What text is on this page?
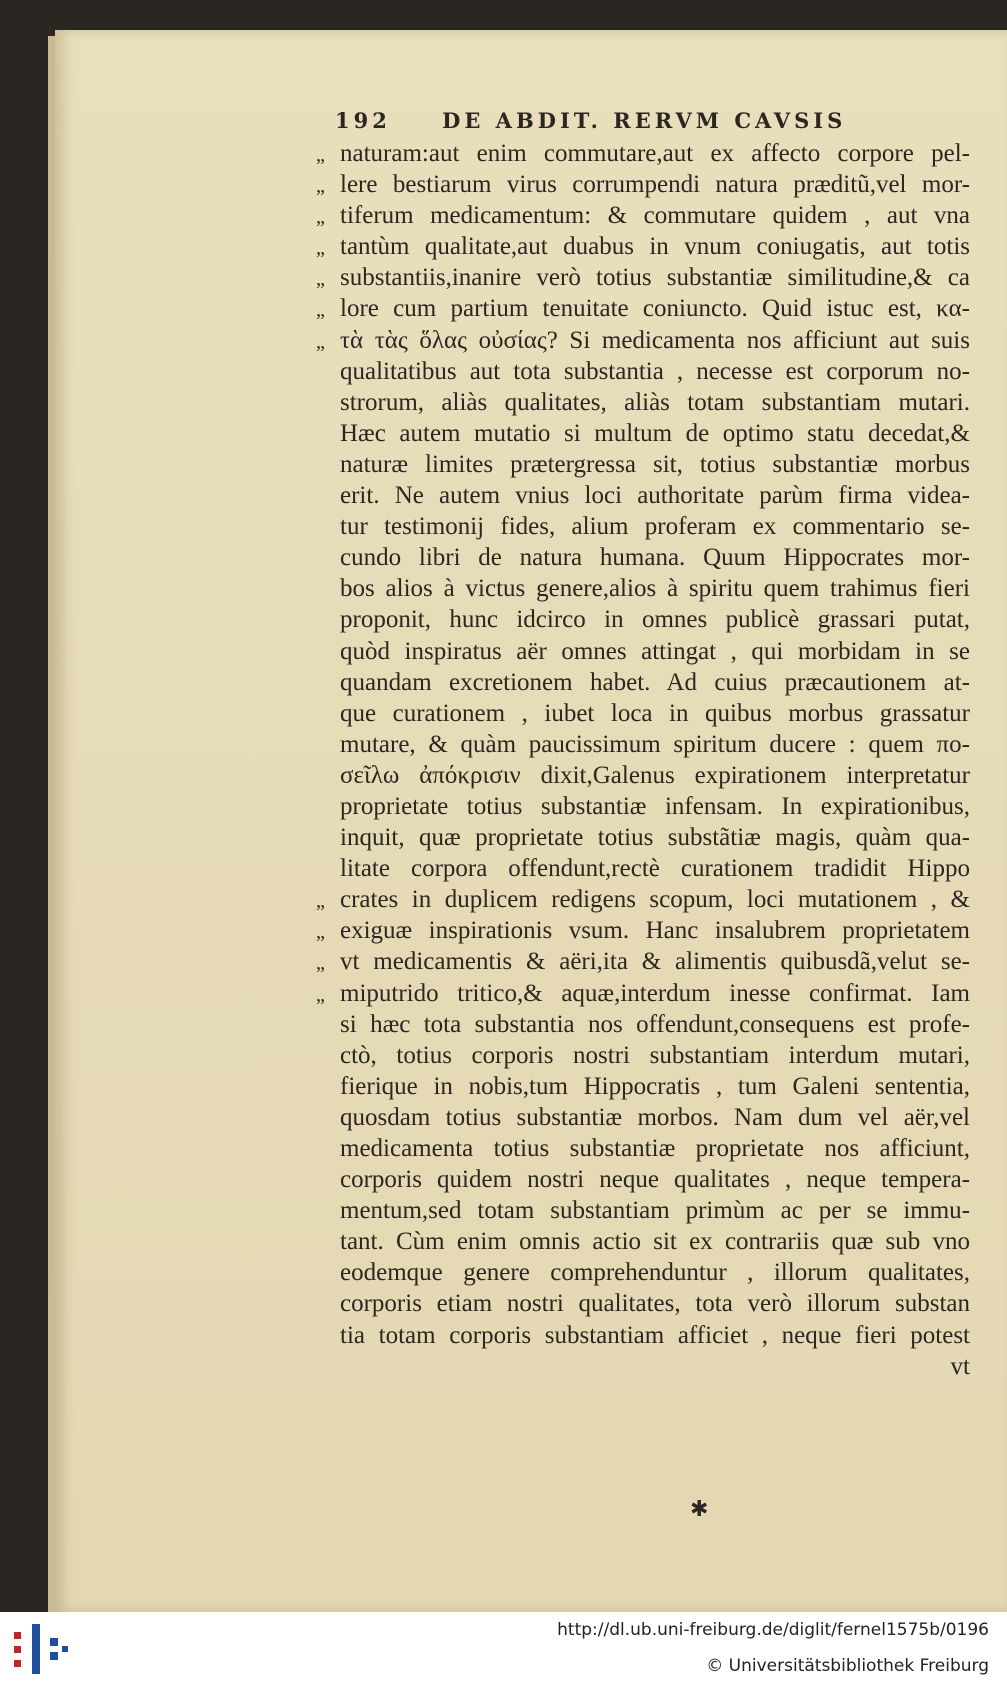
192 DE ABDIT. RERVM CAVSIS
„ naturam:aut enim commutare,aut ex affecto corpore pel-
„ lere bestiarum virus corrumpendi natura præditũ,vel mor-
„ tiferum medicamentum: & commutare quidem , aut vna
„ tantùm qualitate,aut duabus in vnum coniugatis, aut totis
„ substantiis,inanire verò totius substantiæ similitudine,& ca
„ lore cum partium tenuitate coniuncto. Quid istuc est, κα-
„ τὰ τὰς ὅλας οὐσίας? Si medicamenta nos afficiunt aut suis
qualitatibus aut tota substantia , necesse est corporum no-
strorum, aliàs qualitates, aliàs totam substantiam mutari.
Hæc autem mutatio si multum de optimo statu decedat,&
naturæ limites prætergressa sit, totius substantiæ morbus
erit. Ne autem vnius loci authoritate parùm firma videa-
tur testimonij fides, alium proferam ex commentario se-
cundo libri de natura humana. Quum Hippocrates mor-
bos alios à victus genere,alios à spiritu quem trahimus fieri
proponit, hunc idcirco in omnes publicè grassari putat,
quòd inspiratus aër omnes attingat , qui morbidam in se
quandam excretionem habet. Ad cuius præcautionem at-
que curationem , iubet loca in quibus morbus grassatur
mutare, & quàm paucissimum spiritum ducere : quem πο-
σεῖλω ἀπόκρισιν dixit,Galenus expirationem interpretatur
proprietate totius substantiæ infensam. In expirationibus,
inquit, quæ proprietate totius substãtiæ magis, quàm qua-
litate corpora offendunt,rectè curationem tradidit Hippo
„ crates in duplicem redigens scopum, loci mutationem , &
„ exiguæ inspirationis vsum. Hanc insalubrem proprietatem
„ vt medicamentis & aëri,ita & alimentis quibusdã,velut se-
„ miputrido tritico,& aquæ,interdum inesse confirmat. Iam
si hæc tota substantia nos offendunt,consequens est profe-
ctò, totius corporis nostri substantiam interdum mutari,
fierique in nobis,tum Hippocratis , tum Galeni sententia,
quosdam totius substantiæ morbos. Nam dum vel aër,vel
medicamenta totius substantiæ proprietate nos afficiunt,
corporis quidem nostri neque qualitates , neque tempera-
mentum,sed totam substantiam primùm ac per se immu-
tant. Cùm enim omnis actio sit ex contrariis quæ sub vno
eodemque genere comprehenduntur , illorum qualitates,
corporis etiam nostri qualitates, tota verò illorum substan
tia totam corporis substantiam afficiet , neque fieri potest
vt
✱
http://dl.ub.uni-freiburg.de/diglit/fernel1575b/0196
© Universitätsbibliothek Freiburg
